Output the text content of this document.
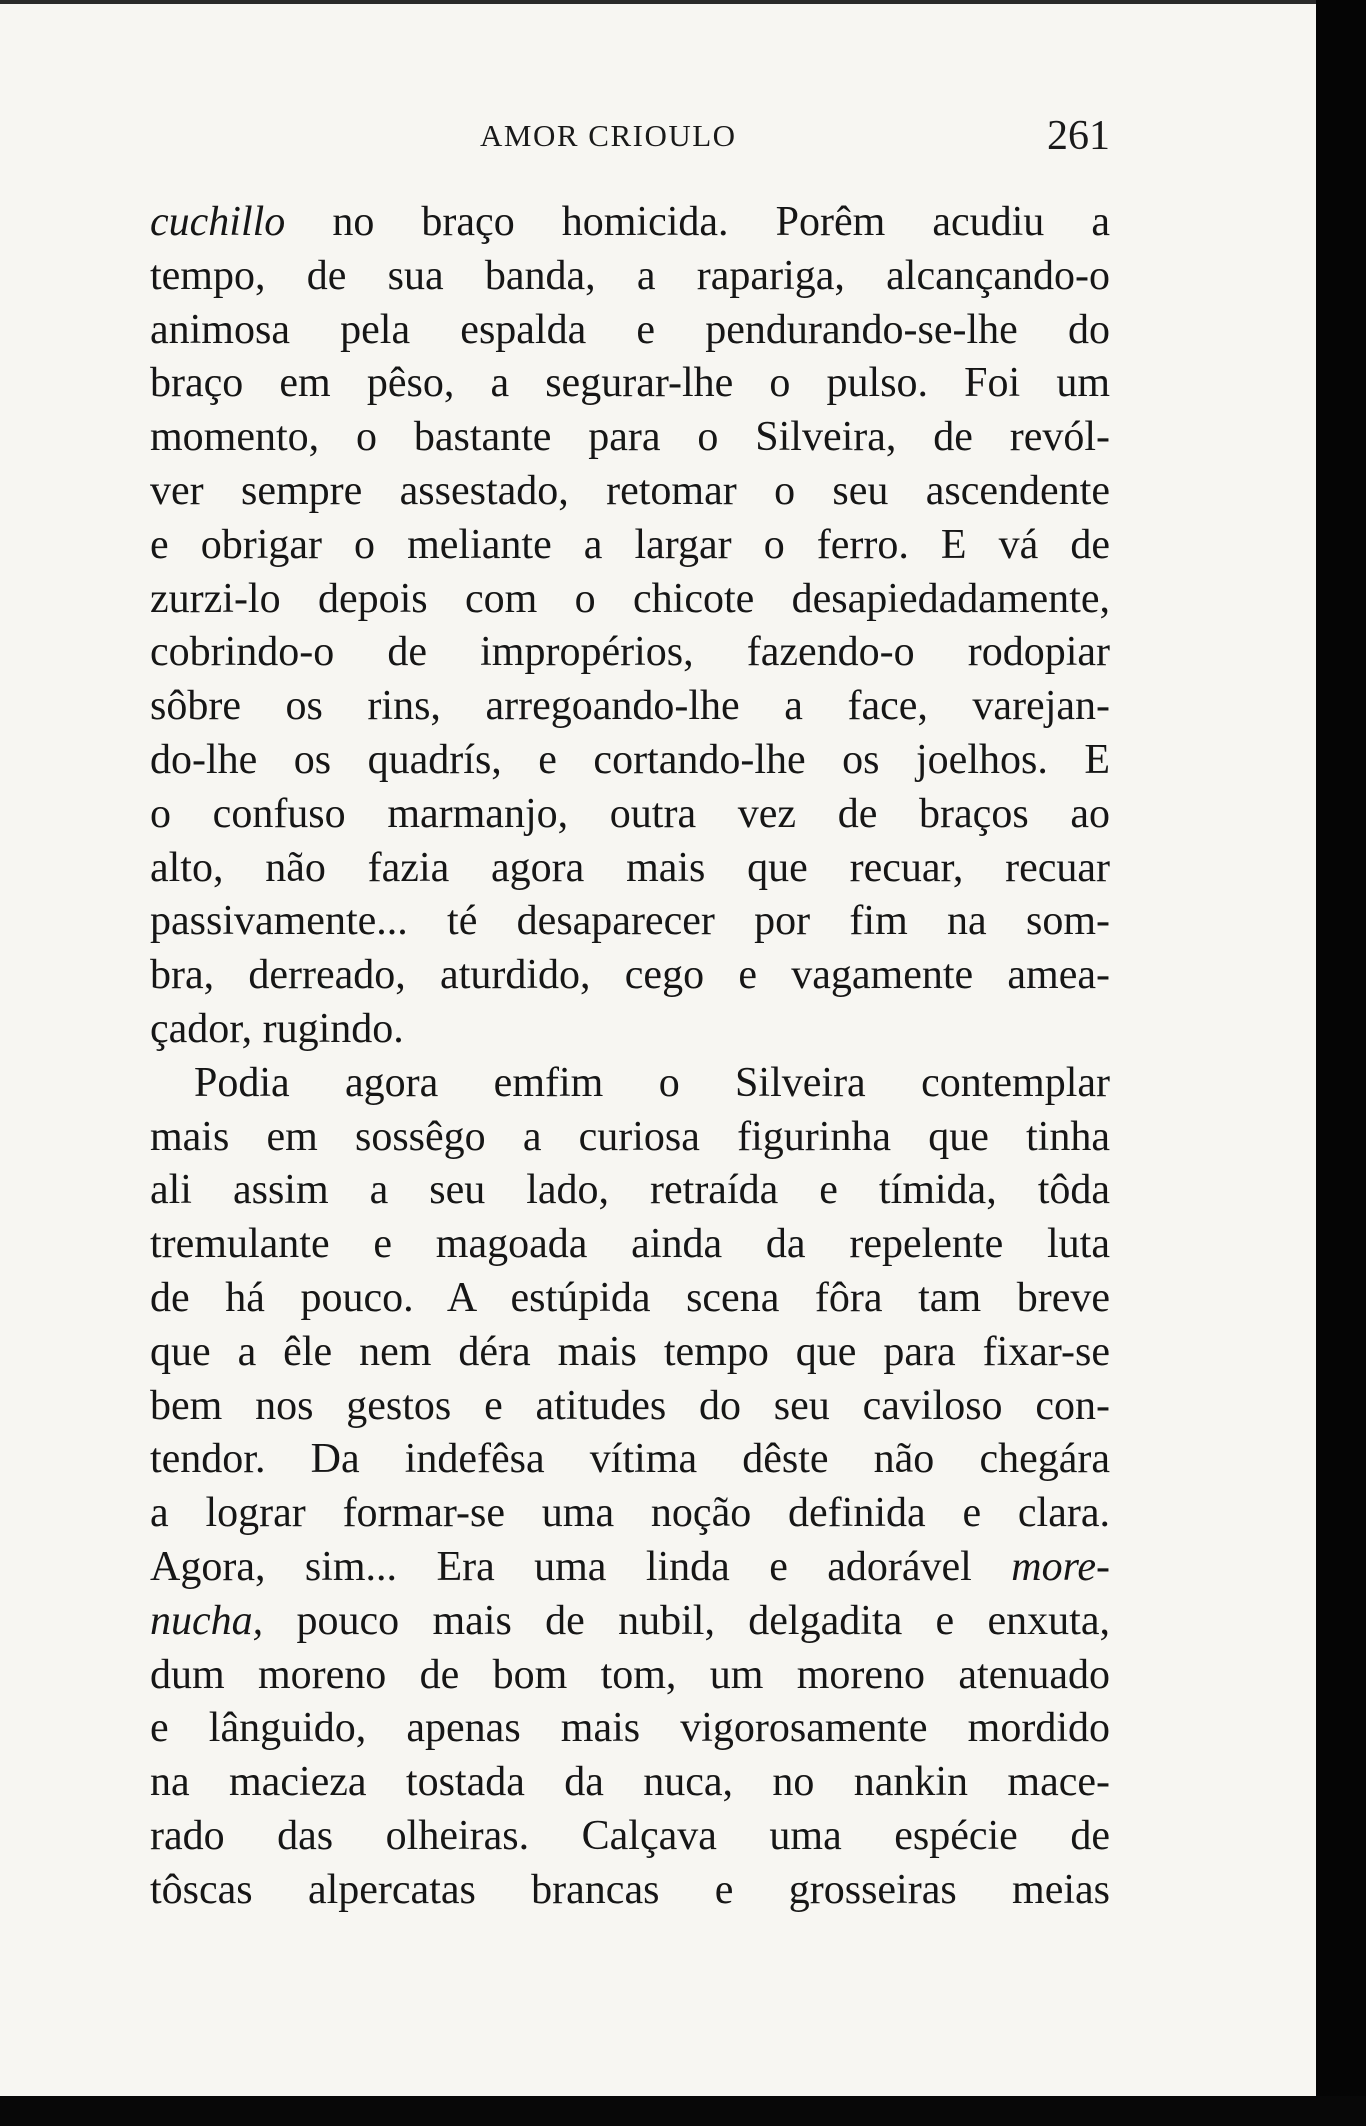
AMOR CRIOULO	261
cuchillo no braço homicida. Porêm acudiu a
tempo, de sua banda, a rapariga, alcançando-o
animosa pela espalda e pendurando-se-lhe do
braço em pêso, a segurar-lhe o pulso. Foi um
momento, o bastante para o Silveira, de revól-
ver sempre assestado, retomar o seu ascendente
e obrigar o meliante a largar o ferro. E vá de
zurzi-lo depois com o chicote desapiedadamente,
cobrindo-o de impropérios, fazendo-o rodopiar
sôbre os rins, arregoando-lhe a face, varejan-
do-lhe os quadrís, e cortando-lhe os joelhos. E
o confuso marmanjo, outra vez de braços ao
alto, não fazia agora mais que recuar, recuar
passivamente... té desaparecer por fim na som-
bra, derreado, aturdido, cego e vagamente amea-
çador, rugindo.
Podia agora emfim o Silveira contemplar
mais em sossêgo a curiosa figurinha que tinha
ali assim a seu lado, retraída e tímida, tôda
tremulante e magoada ainda da repelente luta
de há pouco. A estúpida scena fôra tam breve
que a êle nem déra mais tempo que para fixar-se
bem nos gestos e atitudes do seu caviloso con-
tendor. Da indefêsa vítima dêste não chegára
a lograr formar-se uma noção definida e clara.
Agora, sim... Era uma linda e adorável more-
nucha, pouco mais de nubil, delgadita e enxuta,
dum moreno de bom tom, um moreno atenuado
e lânguido, apenas mais vigorosamente mordido
na macieza tostada da nuca, no nankin mace-
rado das olheiras. Calçava uma espécie de
tôscas alpercatas brancas e grosseiras meias
